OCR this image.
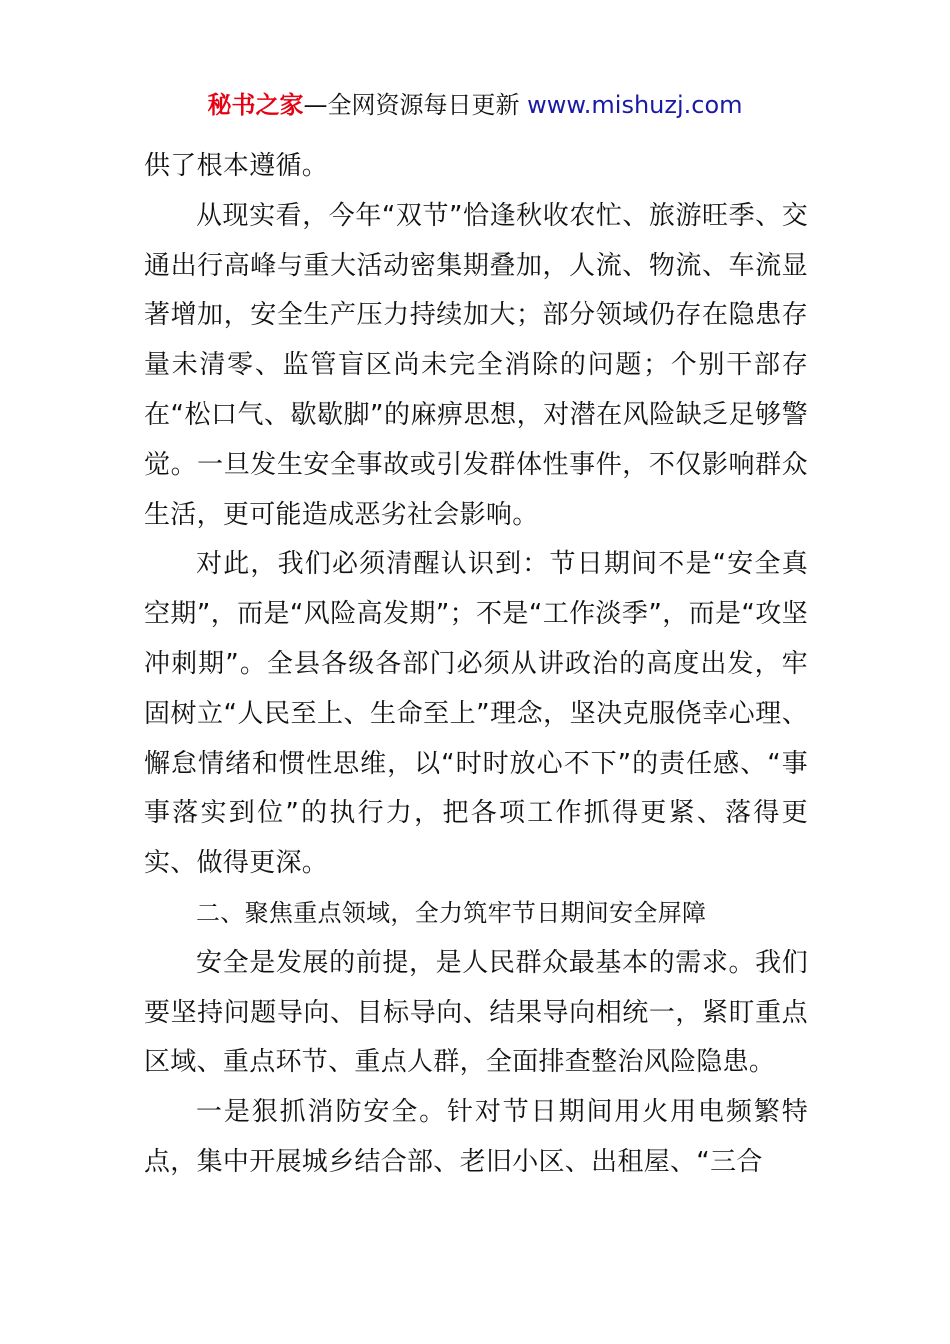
秘书之家—全网资源每日更新 www.mishuzj.com

供了根本遵循。

从现实看，今年“双节”恰逢秋收农忙、旅游旺季、交通出行高峰与重大活动密集期叠加，人流、物流、车流显著增加，安全生产压力持续加大；部分领域仍存在隐患存量未清零、监管盲区尚未完全消除的问题；个别干部存在“松口气、歇歇脚”的麻痹思想，对潜在风险缺乏足够警觉。一旦发生安全事故或引发群体性事件，不仅影响群众生活，更可能造成恶劣社会影响。

对此，我们必须清醒认识到：节日期间不是“安全真空期”，而是“风险高发期”；不是“工作淡季”，而是“攻坚冲刺期”。全县各级各部门必须从讲政治的高度出发，牢固树立“人民至上、生命至上”理念，坚决克服侥幸心理、懈怠情绪和惯性思维，以“时时放心不下”的责任感、“事事落实到位”的执行力，把各项工作抓得更紧、落得更实、做得更深。

二、聚焦重点领域，全力筑牢节日期间安全屏障

安全是发展的前提，是人民群众最基本的需求。我们要坚持问题导向、目标导向、结果导向相统一，紧盯重点区域、重点环节、重点人群，全面排查整治风险隐患。

一是狠抓消防安全。针对节日期间用火用电频繁特点，集中开展城乡结合部、老旧小区、出租屋、“三合
